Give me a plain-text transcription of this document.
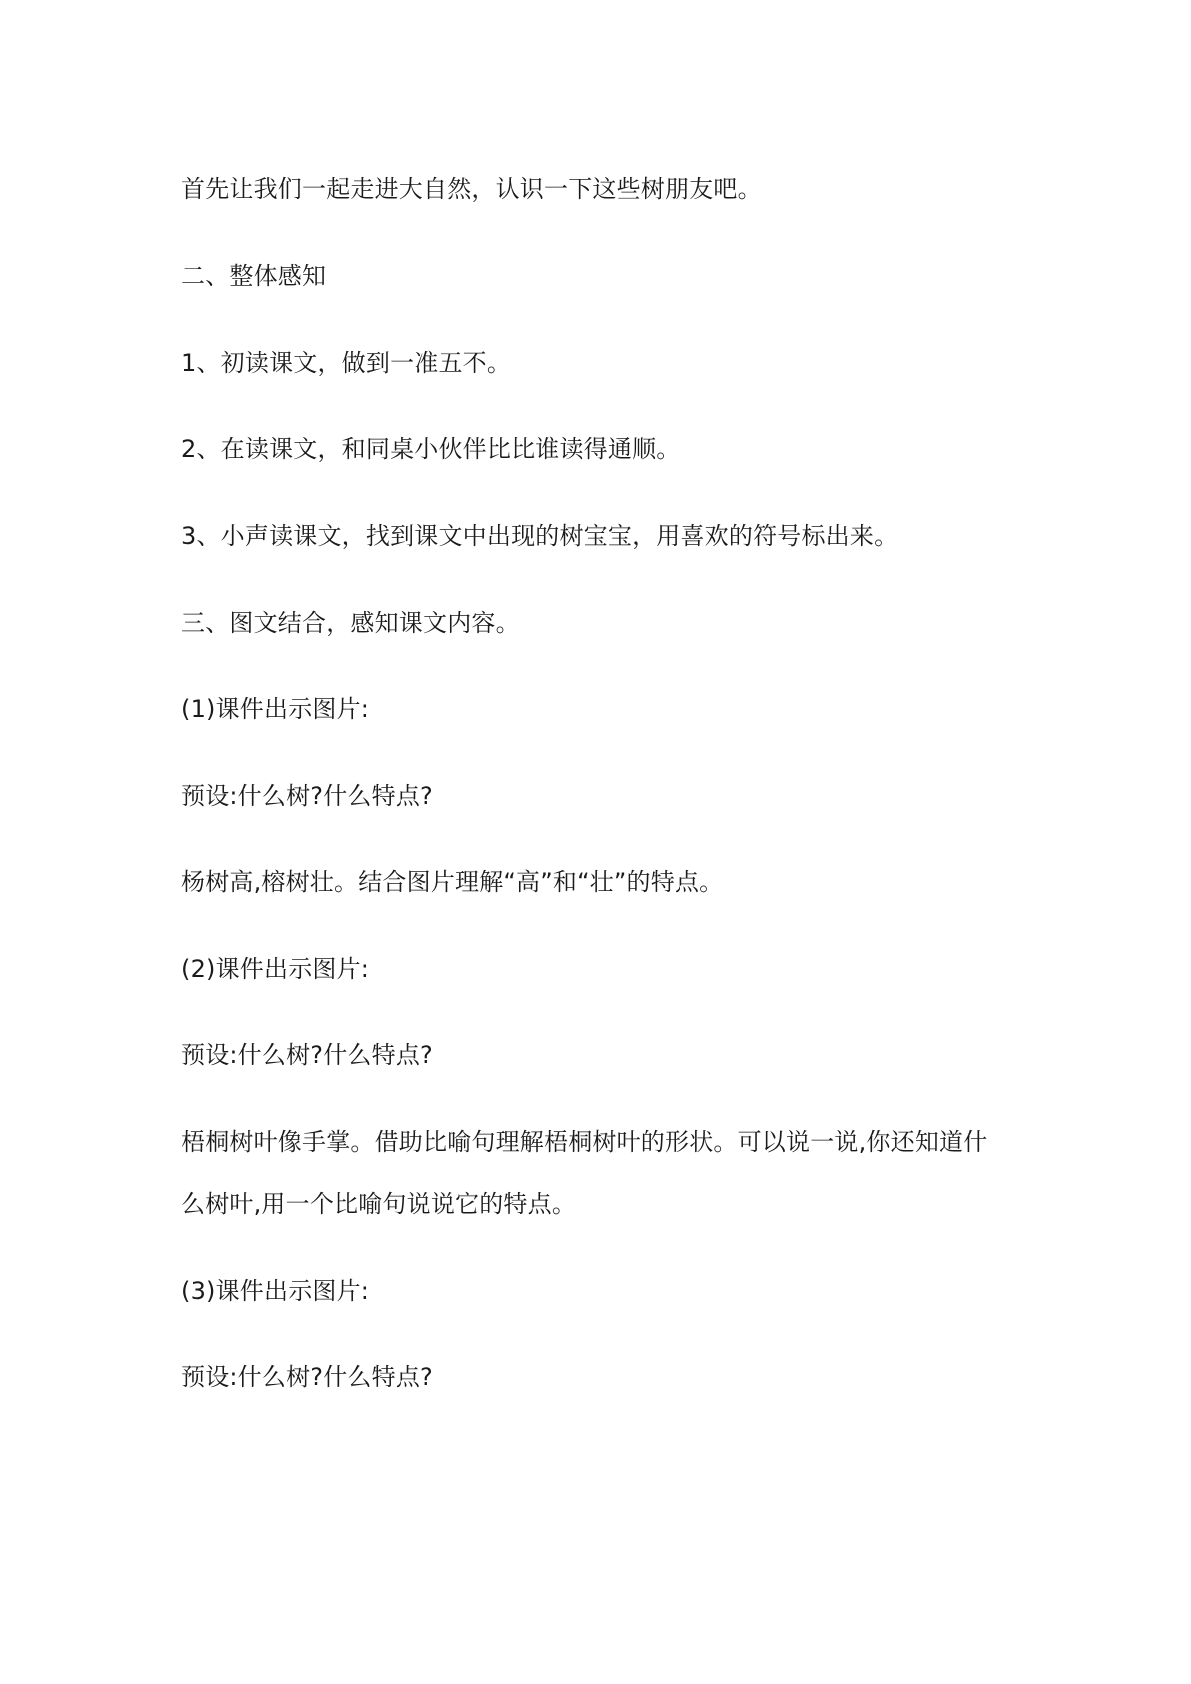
首先让我们一起走进大自然，认识一下这些树朋友吧。
二、整体感知
1、初读课文，做到一准五不。
2、在读课文，和同桌小伙伴比比谁读得通顺。
3、小声读课文，找到课文中出现的树宝宝，用喜欢的符号标出来。
三、图文结合，感知课文内容。
(1)课件出示图片:
预设:什么树?什么特点?
杨树高,榕树壮。结合图片理解“高”和“壮”的特点。
(2)课件出示图片:
预设:什么树?什么特点?
梧桐树叶像手掌。借助比喻句理解梧桐树叶的形状。可以说一说,你还知道什
么树叶,用一个比喻句说说它的特点。
(3)课件出示图片:
预设:什么树?什么特点?
